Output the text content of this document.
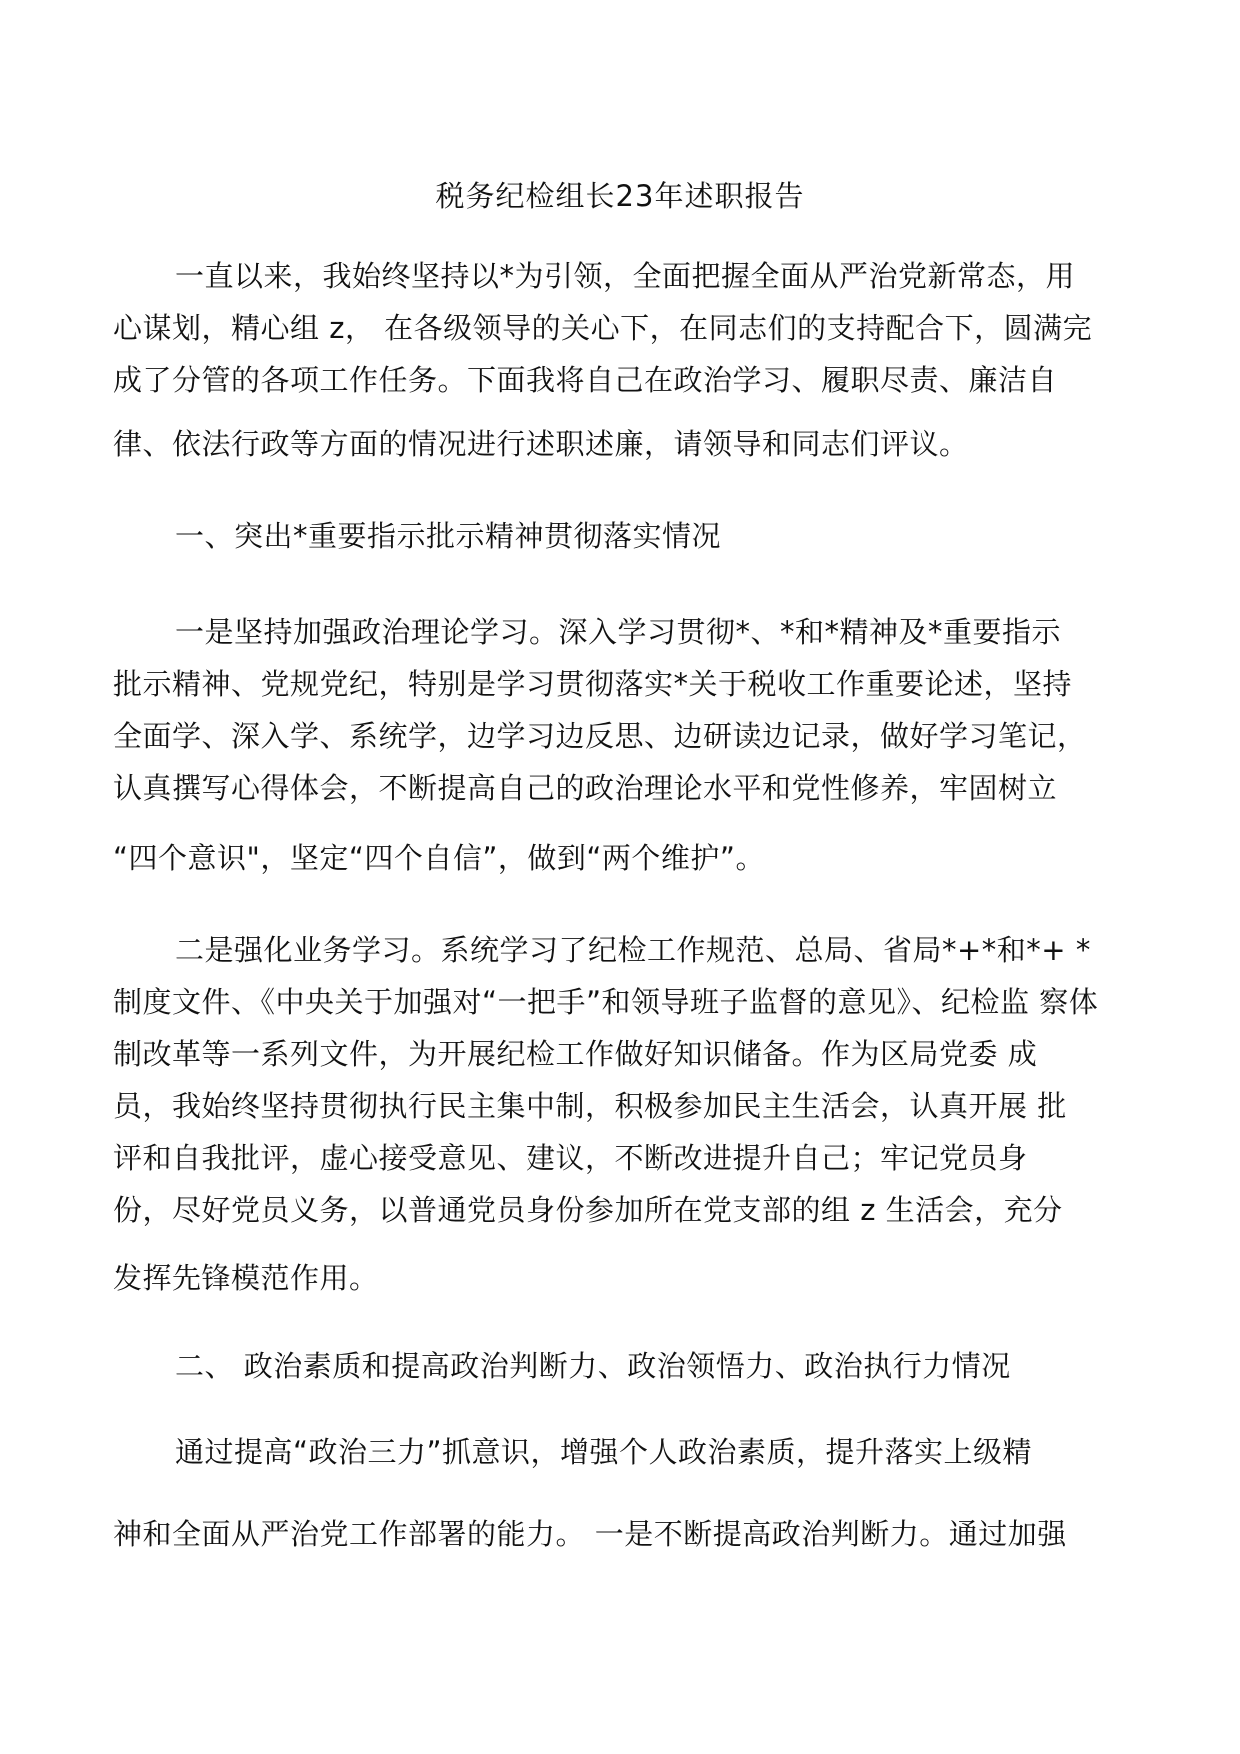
税务纪检组长23年述职报告
一直以来，我始终坚持以*为引领，全面把握全面从严治党新常态，用
心谋划，精心组 z， 在各级领导的关心下，在同志们的支持配合下，圆满完
成了分管的各项工作任务。下面我将自己在政治学习、履职尽责、廉洁自
律、依法行政等方面的情况进行述职述廉，请领导和同志们评议。
一、突出*重要指示批示精神贯彻落实情况
一是坚持加强政治理论学习。深入学习贯彻*、*和*精神及*重要指示
批示精神、党规党纪，特别是学习贯彻落实*关于税收工作重要论述，坚持
全面学、深入学、系统学，边学习边反思、边研读边记录，做好学习笔记，
认真撰写心得体会，不断提高自己的政治理论水平和党性修养，牢固树立
“四个意识"，坚定“四个自信”，做到“两个维护”。
二是强化业务学习。系统学习了纪检工作规范、总局、省局*+*和*+ *
制度文件、《中央关于加强对“一把手”和领导班子监督的意见》、纪检监 察体
制改革等一系列文件，为开展纪检工作做好知识储备。作为区局党委 成
员，我始终坚持贯彻执行民主集中制，积极参加民主生活会，认真开展 批
评和自我批评，虚心接受意见、建议，不断改进提升自己；牢记党员身
份，尽好党员义务，以普通党员身份参加所在党支部的组 z 生活会，充分
发挥先锋模范作用。
二、 政治素质和提高政治判断力、政治领悟力、政治执行力情况
通过提高“政治三力”抓意识，增强个人政治素质，提升落实上级精
神和全面从严治党工作部署的能力。 一是不断提高政治判断力。通过加强
